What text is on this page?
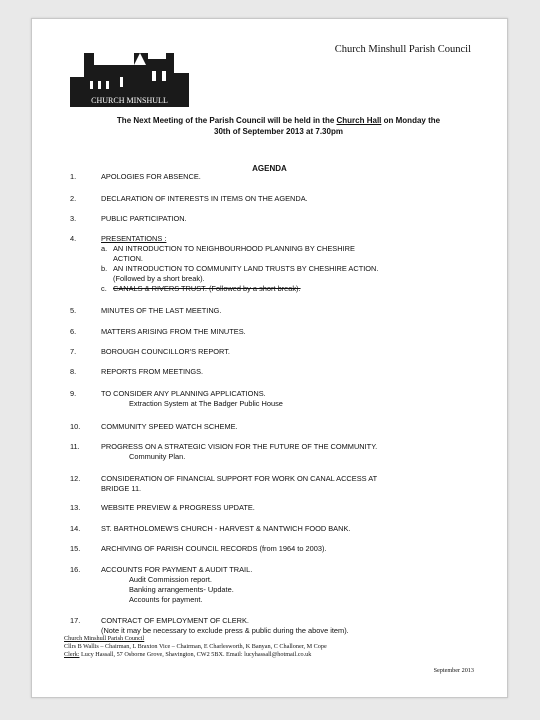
CHURCH MINSHULL
Church Minshull Parish Council
The Next Meeting of the Parish Council will be held in the Church Hall on Monday the
30th of September 2013 at 7.30pm
AGENDA
1.	APOLOGIES FOR ABSENCE.
2.	DECLARATION OF INTERESTS IN ITEMS ON THE AGENDA.
3.	PUBLIC PARTICIPATION.
4.	PRESENTATIONS :
a. AN INTRODUCTION TO NEIGHBOURHOOD PLANNING BY CHESHIRE
ACTION.
b. AN INTRODUCTION TO COMMUNITY LAND TRUSTS BY CHESHIRE ACTION.
(Followed by a short break).
c. CANALS & RIVERS TRUST. (Followed by a short break).
5.	MINUTES OF THE LAST MEETING.
6.	MATTERS ARISING FROM THE MINUTES.
7.	BOROUGH COUNCILLOR'S REPORT.
8.	REPORTS FROM MEETINGS.
9.	TO CONSIDER ANY PLANNING APPLICATIONS.
Extraction System at The Badger Public House
10.	COMMUNITY SPEED WATCH SCHEME.
11.	PROGRESS ON A STRATEGIC VISION FOR THE FUTURE OF THE COMMUNITY.
Community Plan.
12.	CONSIDERATION OF FINANCIAL SUPPORT FOR WORK ON CANAL ACCESS AT
BRIDGE 11.
13.	WEBSITE PREVIEW & PROGRESS UPDATE.
14.	ST. BARTHOLOMEW'S CHURCH - HARVEST & NANTWICH FOOD BANK.
15.	ARCHIVING OF PARISH COUNCIL RECORDS (from 1964 to 2003).
16.	ACCOUNTS FOR PAYMENT & AUDIT TRAIL.
Audit Commission report.
Banking arrangements- Update.
Accounts for payment.
17.	CONTRACT OF EMPLOYMENT OF CLERK.
(Note it may be necessary to exclude press & public during the above item).
Church Minshull Parish Council
Cllrs B Wallis – Chairman, L Braxton Vice – Chairman, E Charlesworth, K Banyan, C Challoner, M Cope
Clerk: Lucy Hassall, 57 Osborne Grove, Shavington, CW2 5BX. Email: lucyhassall@hotmail.co.uk
September 2013
